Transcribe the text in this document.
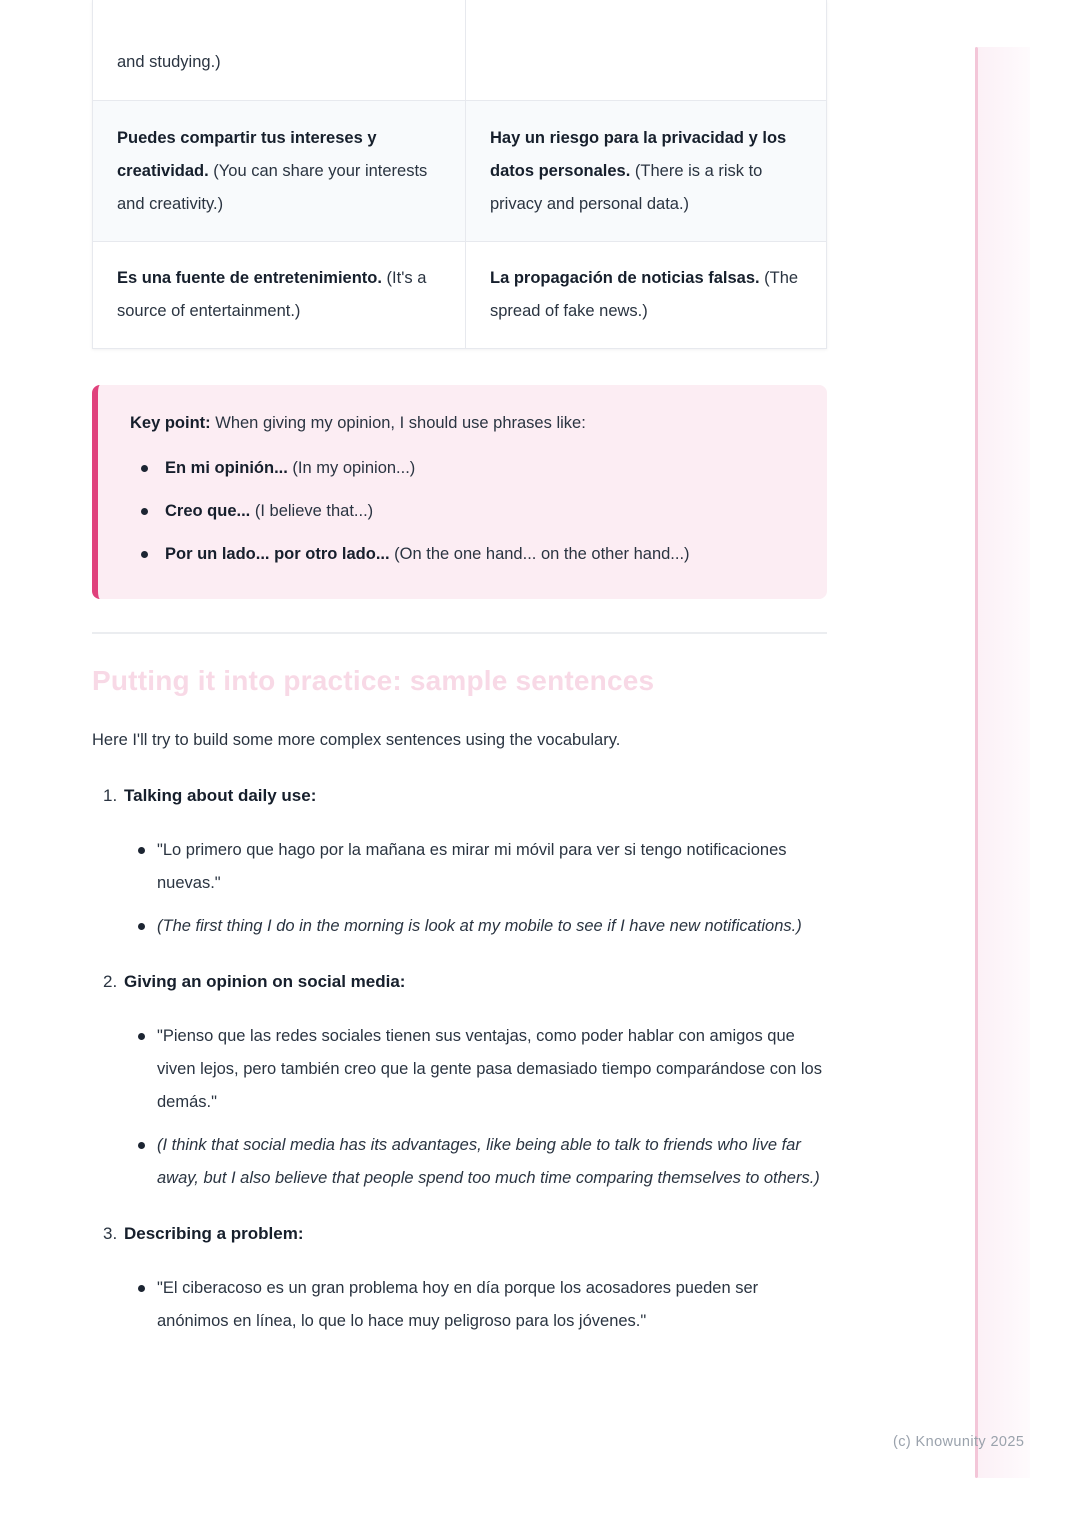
and studying.)
Puedes compartir tus intereses y creatividad. (You can share your interests and creativity.)
Hay un riesgo para la privacidad y los datos personales. (There is a risk to privacy and personal data.)
Es una fuente de entretenimiento. (It's a source of entertainment.)
La propagación de noticias falsas. (The spread of fake news.)

Key point: When giving my opinion, I should use phrases like:

En mi opinión... (In my opinion...)
Creo que... (I believe that...)
Por un lado... por otro lado... (On the one hand... on the other hand...)
Putting it into practice: sample sentences

Here I'll try to build some more complex sentences using the vocabulary.

1. Talking about daily use:
"Lo primero que hago por la mañana es mirar mi móvil para ver si tengo notificaciones nuevas."
(The first thing I do in the morning is look at my mobile to see if I have new notifications.)
2. Giving an opinion on social media:
"Pienso que las redes sociales tienen sus ventajas, como poder hablar con amigos que viven lejos, pero también creo que la gente pasa demasiado tiempo comparándose con los demás."
(I think that social media has its advantages, like being able to talk to friends who live far away, but I also believe that people spend too much time comparing themselves to others.)
3. Describing a problem:
"El ciberacoso es un gran problema hoy en día porque los acosadores pueden ser anónimos en línea, lo que lo hace muy peligroso para los jóvenes."
(c) Knowunity 2025
